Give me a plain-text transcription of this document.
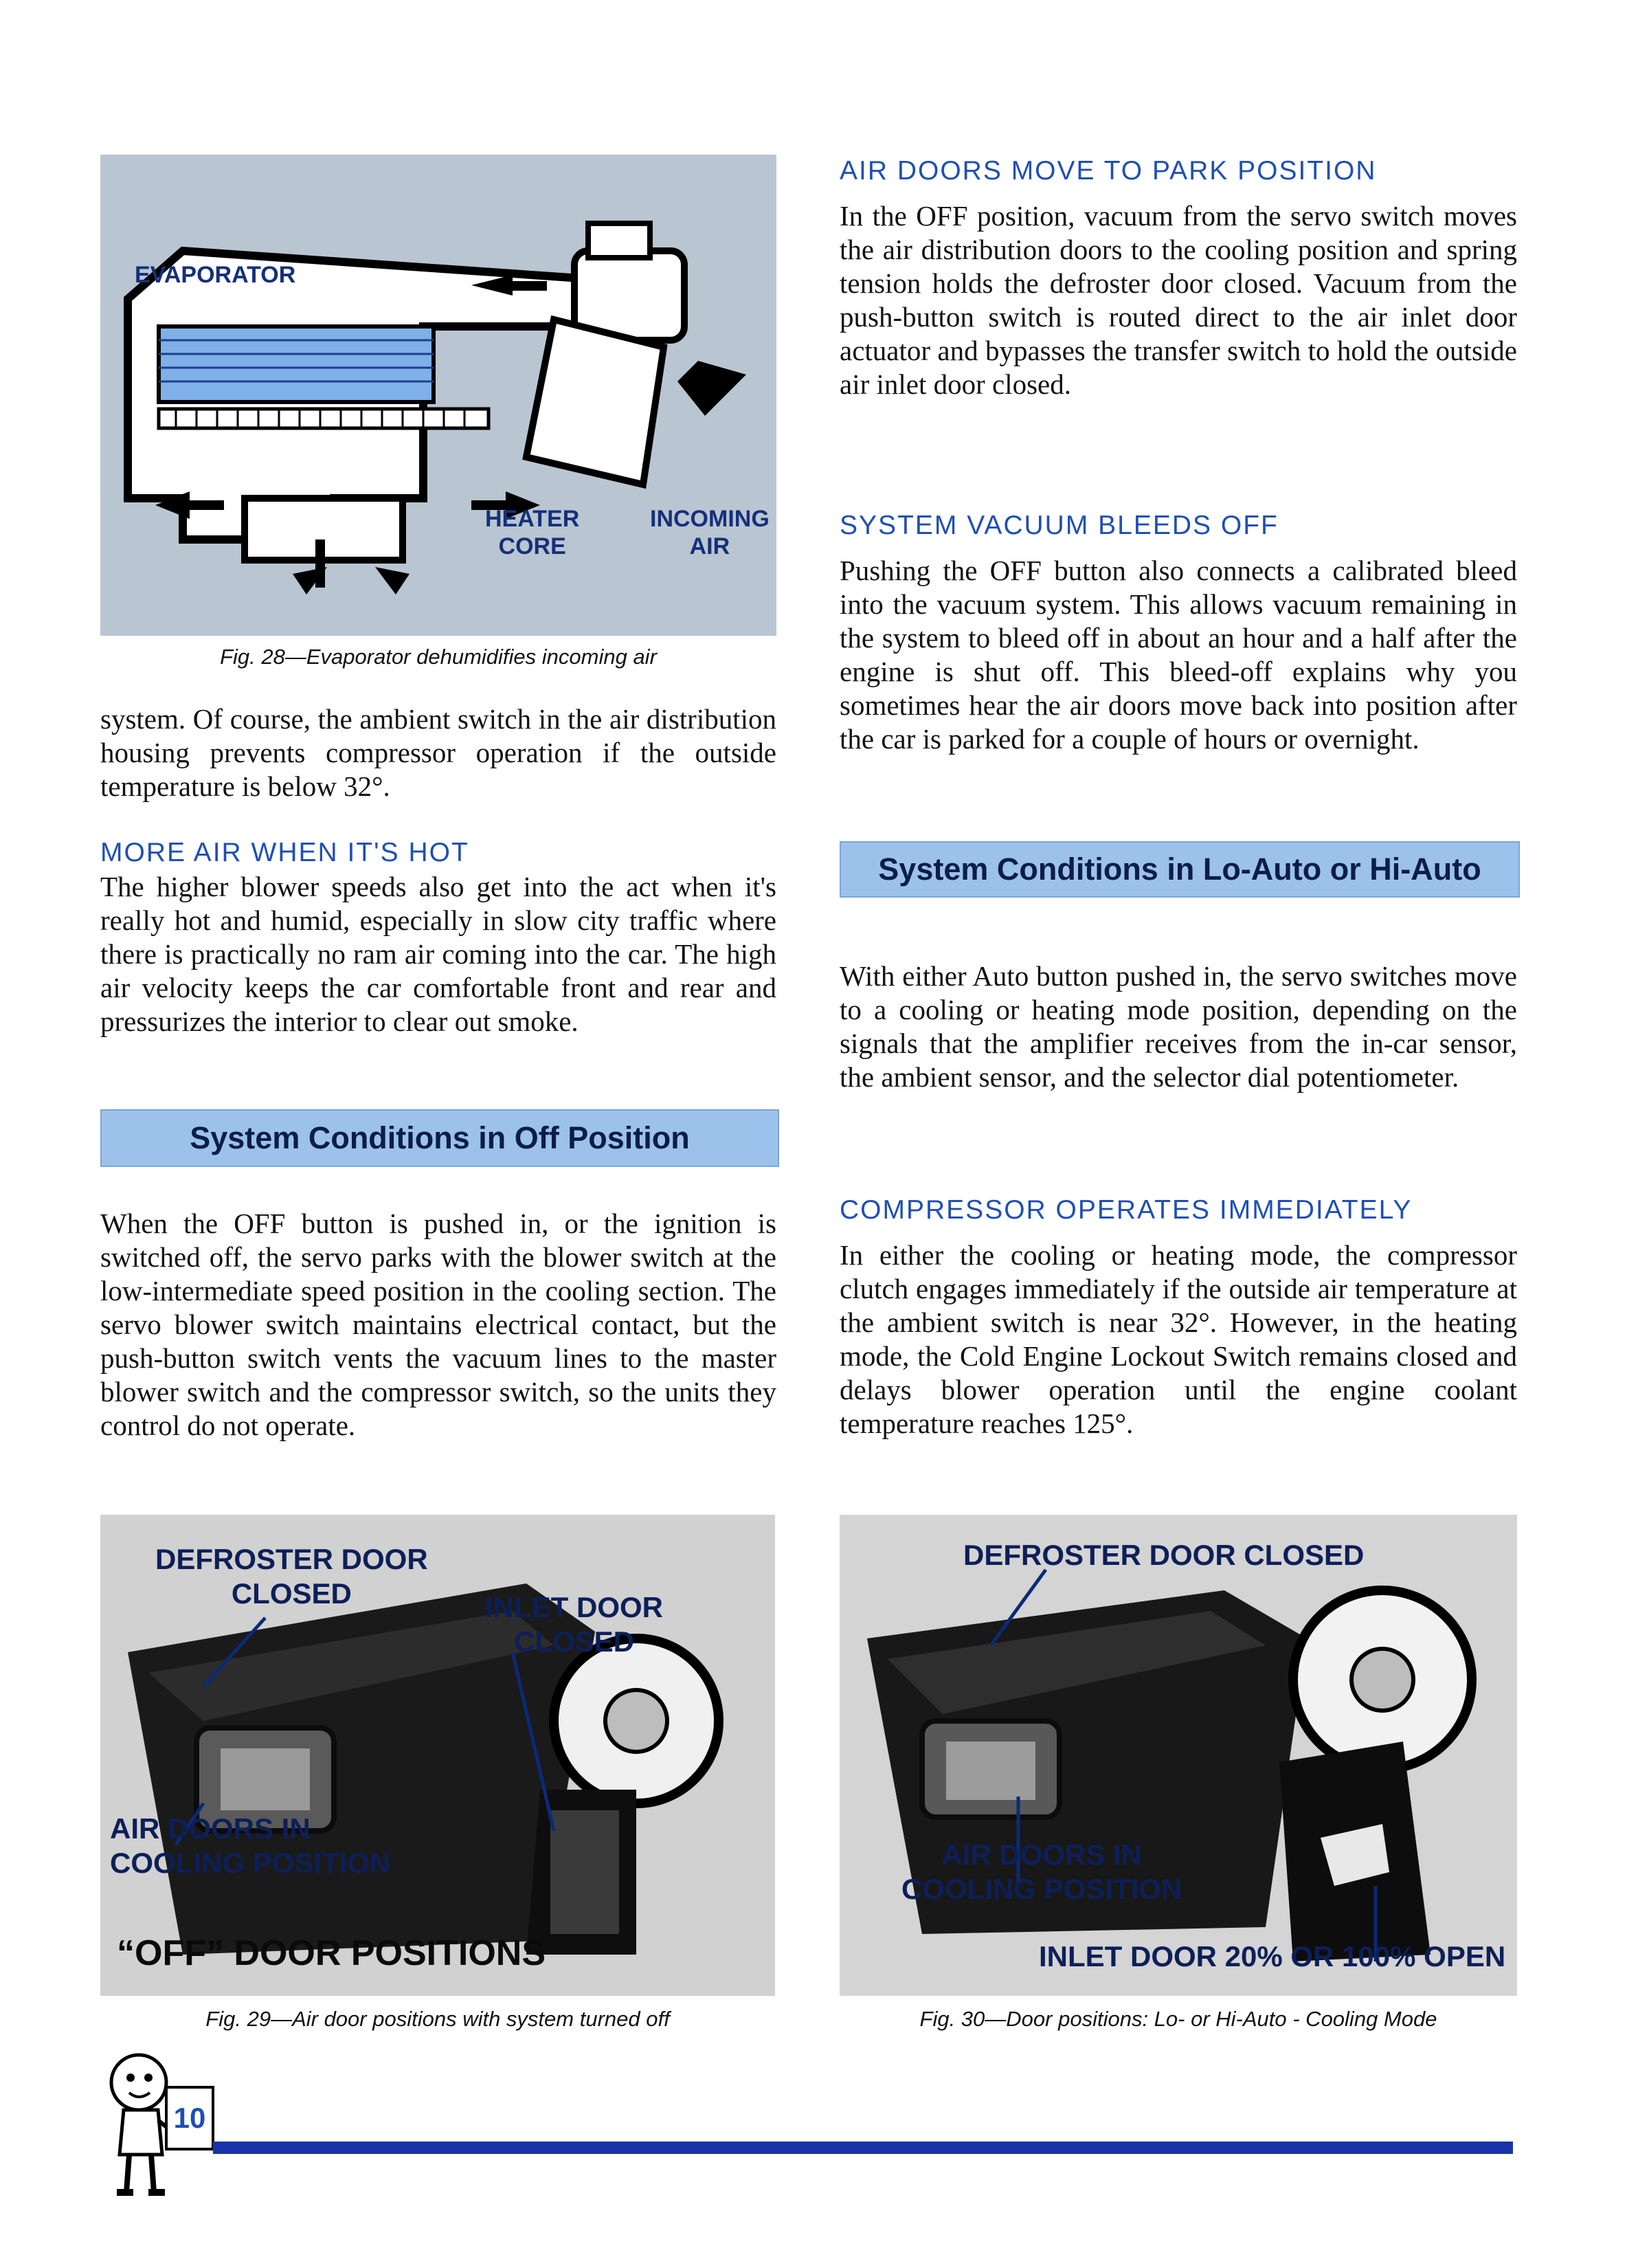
EVAPORATOR
HEATER
CORE
INCOMING
AIR
Fig. 28—Evaporator dehumidifies incoming air

system. Of course, the ambient switch in the air distribution housing prevents compressor operation if the outside temperature is below 32°.

MORE AIR WHEN IT'S HOT

The higher blower speeds also get into the act when it's really hot and humid, especially in slow city traffic where there is practically no ram air coming into the car. The high air velocity keeps the car comfortable front and rear and pressurizes the interior to clear out smoke.

System Conditions in Off Position

When the OFF button is pushed in, or the ignition is switched off, the servo parks with the blower switch at the low-intermediate speed position in the cooling section. The servo blower switch maintains electrical contact, but the push-button switch vents the vacuum lines to the master blower switch and the compressor switch, so the units they control do not operate.

AIR DOORS MOVE TO PARK POSITION

In the OFF position, vacuum from the servo switch moves the air distribution doors to the cooling position and spring tension holds the defroster door closed. Vacuum from the push-button switch is routed direct to the air inlet door actuator and bypasses the transfer switch to hold the outside air inlet door closed.

SYSTEM VACUUM BLEEDS OFF

Pushing the OFF button also connects a calibrated bleed into the vacuum system. This allows vacuum remaining in the system to bleed off in about an hour and a half after the engine is shut off. This bleed-off explains why you sometimes hear the air doors move back into position after the car is parked for a couple of hours or overnight.

System Conditions in Lo-Auto or Hi-Auto

With either Auto button pushed in, the servo switches move to a cooling or heating mode position, depending on the signals that the amplifier receives from the in-car sensor, the ambient sensor, and the selector dial potentiometer.

COMPRESSOR OPERATES IMMEDIATELY

In either the cooling or heating mode, the compressor clutch engages immediately if the outside air temperature at the ambient switch is near 32°. However, in the heating mode, the Cold Engine Lockout Switch remains closed and delays blower operation until the engine coolant temperature reaches 125°.

DEFROSTER DOOR
CLOSED	INLET DOOR
CLOSED
AIR DOORS IN
COOLING POSITION
“OFF” DOOR POSITIONS
Fig. 29—Air door positions with system turned off
DEFROSTER DOOR CLOSED
AIR DOORS IN
COOLING POSITION
INLET DOOR 20% OR 100% OPEN
Fig. 30—Door positions: Lo- or Hi-Auto - Cooling Mode
10
